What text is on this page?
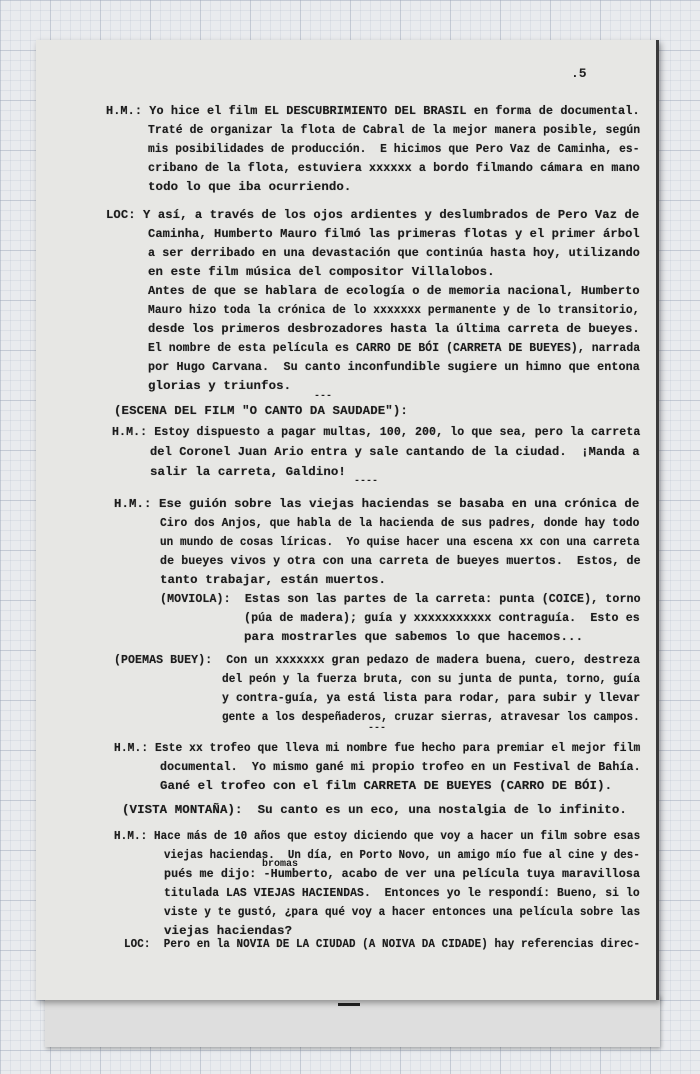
.5
H.M.: Yo hice el film EL DESCUBRIMIENTO DEL BRASIL en forma de documental.
Traté de organizar la flota de Cabral de la mejor manera posible, según
mis posibilidades de producción.  E hicimos que Pero Vaz de Caminha, es-
cribano de la flota, estuviera xxxxxx a bordo filmando cámara en mano
todo lo que iba ocurriendo.
LOC: Y así, a través de los ojos ardientes y deslumbrados de Pero Vaz de
Caminha, Humberto Mauro filmó las primeras flotas y el primer árbol
a ser derribado en una devastación que continúa hasta hoy, utilizando
en este film música del compositor Villalobos.
Antes de que se hablara de ecología o de memoria nacional, Humberto
Mauro hizo toda la crónica de lo xxxxxxx permanente y de lo transitorio,
desde los primeros desbrozadores hasta la última carreta de bueyes.
El nombre de esta película es CARRO DE BÓI (CARRETA DE BUEYES), narrada
por Hugo Carvana.  Su canto inconfundible sugiere un himno que entona
glorias y triunfos.
---
(ESCENA DEL FILM "O CANTO DA SAUDADE"):
H.M.: Estoy dispuesto a pagar multas, 100, 200, lo que sea, pero la carreta
del Coronel Juan Ario entra y sale cantando de la ciudad.  ¡Manda a
salir la carreta, Galdino!
----
H.M.: Ese guión sobre las viejas haciendas se basaba en una crónica de
Ciro dos Anjos, que habla de la hacienda de sus padres, donde hay todo
un mundo de cosas líricas.  Yo quise hacer una escena xx con una carreta
de bueyes vivos y otra con una carreta de bueyes muertos.  Estos, de
tanto trabajar, están muertos.
(MOVIOLA):  Estas son las partes de la carreta: punta (COICE), torno
(púa de madera); guía y xxxxxxxxxxx contraguía.  Esto es
para mostrarles que sabemos lo que hacemos...
(POEMAS BUEY):  Con un xxxxxxx gran pedazo de madera buena, cuero, destreza
del peón y la fuerza bruta, con su junta de punta, torno, guía
y contra-guía, ya está lista para rodar, para subir y llevar
gente a los despeñaderos, cruzar sierras, atravesar los campos.
---
H.M.: Este xx trofeo que lleva mi nombre fue hecho para premiar el mejor film
documental.  Yo mismo gané mi propio trofeo en un Festival de Bahía.
Gané el trofeo con el film CARRETA DE BUEYES (CARRO DE BÓI).
(VISTA MONTAÑA):  Su canto es un eco, una nostalgia de lo infinito.
H.M.: Hace más de 10 años que estoy diciendo que voy a hacer un film sobre esas
viejas haciendas.  Un día, en Porto Novo, un amigo mío fue al cine y des-
bromas
pués me dijo: -Humberto, acabo de ver una película tuya maravillosa
titulada LAS VIEJAS HACIENDAS.  Entonces yo le respondí: Bueno, si lo
viste y te gustó, ¿para qué voy a hacer entonces una película sobre las
viejas haciendas?
LOC:  Pero en la NOVIA DE LA CIUDAD (A NOIVA DA CIDADE) hay referencias direc-
